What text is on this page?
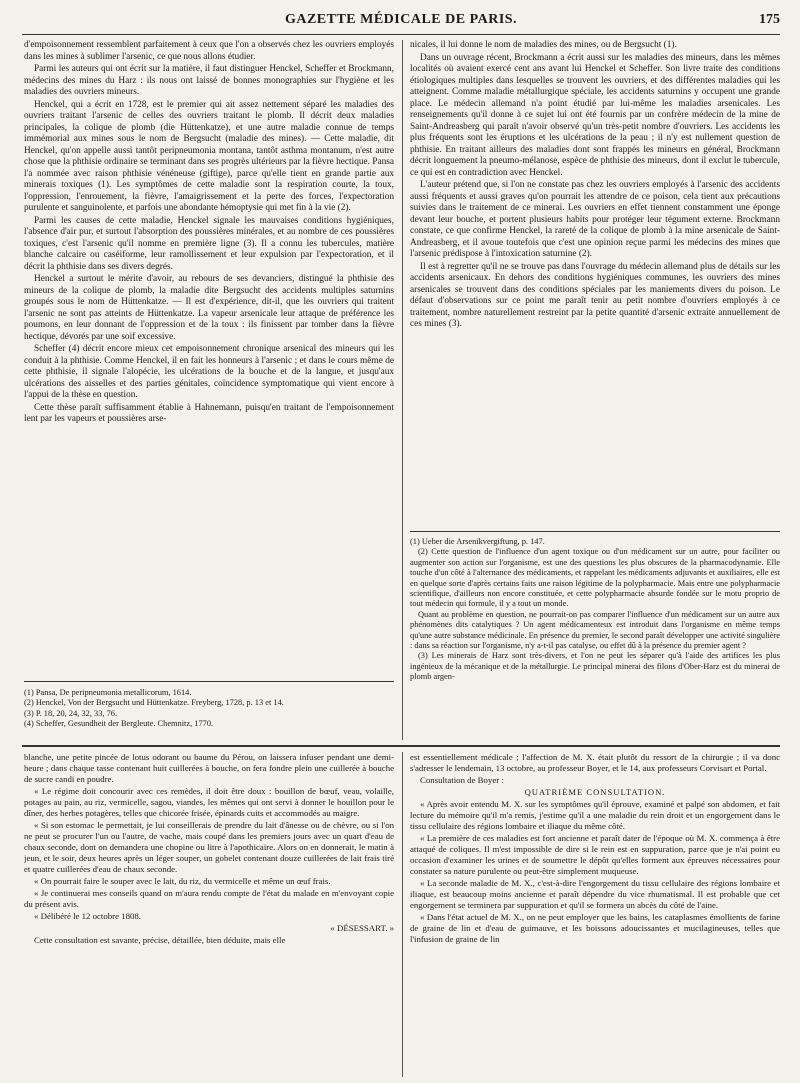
GAZETTE MÉDICALE DE PARIS.	175

d'empoisonnement ressemblent parfaitement à ceux que l'on a observés chez les ouvriers employés dans les mines à sublimer l'arsenic, ce que nous allons étudier.

Parmi les auteurs qui ont écrit sur la matière, il faut distinguer Henckel, Scheffer et Brockmann, médecins des mines du Harz : ils nous ont laissé de bonnes monographies sur l'hygiène et les maladies des ouvriers mineurs.

Henckel, qui a écrit en 1728, est le premier qui ait assez nettement séparé les maladies des ouvriers traitant l'arsenic de celles des ouvriers traitant le plomb. Il décrit deux maladies principales, la colique de plomb (die Hüttenkatze), et une autre maladie connue de temps immémorial aux mines sous le nom de Bergsucht (maladie des mines). — Cette maladie, dit Henckel, qu'on appelle aussi tantôt peripneumonia montana, tantôt asthma montanum, n'est autre chose que la phthisie ordinaire se terminant dans ses progrès ultérieurs par la fièvre hectique. Pansa l'a nommée avec raison phthisie vénéneuse (giftige), parce qu'elle tient en grande partie aux minerais toxiques (1). Les symptômes de cette maladie sont la respiration courte, la toux, l'oppression, l'enrouement, la fièvre, l'amaigrissement et la perte des forces, l'expectoration purulente et sanguinolente, et parfois une abondante hémoptysie qui met fin à la vie (2).

Parmi les causes de cette maladie, Henckel signale les mauvaises conditions hygiéniques, l'absence d'air pur, et surtout l'absorption des poussières minérales, et au nombre de ces poussières toxiques, c'est l'arsenic qu'il nomme en première ligne (3). Il a connu les tubercules, matière blanche calcaire ou caséiforme, leur ramollissement et leur expulsion par l'expectoration, et il décrit la phthisie dans ses divers degrés.

Henckel a surtout le mérite d'avoir, au rebours de ses devanciers, distingué la phthisie des mineurs de la colique de plomb, la maladie dite Bergsucht des accidents multiples saturnins groupés sous le nom de Hüttenkatze. — Il est d'expérience, dit-il, que les ouvriers qui traitent l'arsenic ne sont pas atteints de Hüttenkatze. La vapeur arsenicale leur attaque de préférence les poumons, en leur donnant de l'oppression et de la toux : ils finissent par tomber dans la fièvre hectique, dévorés par une soif excessive.

Scheffer (4) décrit encore mieux cet empoisonnement chronique arsenical des mineurs qui les conduit à la phthisie. Comme Henckel, il en fait les honneurs à l'arsenic ; et dans le cours même de cette phthisie, il signale l'alopécie, les ulcérations de la bouche et de la langue, et jusqu'aux ulcérations des aisselles et des parties génitales, coïncidence symptomatique qui vient encore à l'appui de la thèse en question.

Cette thèse paraît suffisamment établie à Hahnemann, puisqu'en traitant de l'empoisonnement lent par les vapeurs et poussières arse-

(1) Pansa, De peripneumonia metallicorum, 1614.

(2) Henckel, Von der Bergsucht und Hüttenkatze. Freyberg, 1728, p. 13 et 14.

(3) P. 18, 20, 24, 32, 33, 76.

(4) Scheffer, Gesundheit der Bergleute. Chemnitz, 1770.

nicales, il lui donne le nom de maladies des mines, ou de Bergsucht (1).

Dans un ouvrage récent, Brockmann a écrit aussi sur les maladies des mineurs, dans les mêmes localités où avaient exercé cent ans avant lui Henckel et Scheffer. Son livre traite des conditions étiologiques multiples dans lesquelles se trouvent les ouvriers, et des différentes maladies qui les atteignent. Comme maladie métallurgique spéciale, les accidents saturnins y occupent une grande place. Le médecin allemand n'a point étudié par lui-même les maladies arsenicales. Les renseignements qu'il donne à ce sujet lui ont été fournis par un confrère médecin de la mine de Saint-Andreasberg qui paraît n'avoir observé qu'un très-petit nombre d'ouvriers. Les accidents les plus fréquents sont les éruptions et les ulcérations de la peau ; il n'y est nullement question de phthisie. En traitant ailleurs des maladies dont sont frappés les mineurs en général, Brockmann décrit longuement la pneumo-mélanose, espèce de phthisie des mineurs, dont il exclut le tubercule, ce qui est en contradiction avec Henckel.

L'auteur prétend que, si l'on ne constate pas chez les ouvriers employés à l'arsenic des accidents aussi fréquents et aussi graves qu'on pourrait les attendre de ce poison, cela tient aux précautions suivies dans le traitement de ce minerai. Les ouvriers en effet tiennent constamment une éponge devant leur bouche, et portent plusieurs habits pour protéger leur tégument externe. Brockmann constate, ce que confirme Henckel, la rareté de la colique de plomb à la mine arsenicale de Saint-Andreasberg, et il avoue toutefois que c'est une opinion reçue parmi les médecins des mines que l'arsenic prédispose à l'intoxication saturnine (2).

Il est à regretter qu'il ne se trouve pas dans l'ouvrage du médecin allemand plus de détails sur les accidents arsenicaux. En dehors des conditions hygiéniques communes, les ouvriers des mines arsenicales se trouvent dans des conditions spéciales par les maniements divers du poison. Le défaut d'observations sur ce point me paraît tenir au petit nombre d'ouvriers employés à ce traitement, nombre naturellement restreint par la petite quantité d'arsenic extraite annuellement de ces mines (3).

(1) Ueber die Arsenikvergiftung, p. 147.

(2) Cette question de l'influence d'un agent toxique ou d'un médicament sur un autre, pour faciliter ou augmenter son action sur l'organisme, est une des questions les plus obscures de la pharmacodynamie. Elle touche d'un côté à l'alternance des médicaments, et rappelant les médicaments adjuvants et auxiliaires, elle est en quelque sorte d'après certains faits une raison légitime de la polypharmacie. Mais entre une polypharmacie scientifique, d'ailleurs non encore constituée, et cette polypharmacie absurde fondée sur le motu proprio de tout médecin qui formule, il y a tout un monde.

Quant au problème en question, ne pourrait-on pas comparer l'influence d'un médicament sur un autre aux phénomènes dits catalytiques ? Un agent médicamenteux est introduit dans l'organisme en même temps qu'une autre substance médicinale. En présence du premier, le second paraît développer une activité singulière : dans sa réaction sur l'organisme, n'y a-t-il pas catalyse, ou effet dû à la présence du premier agent ?

(3) Les minerais de Harz sont très-divers, et l'on ne peut les séparer qu'à l'aide des artifices les plus ingénieux de la mécanique et de la métallurgie. Le principal minerai des filons d'Ober-Harz est du minerai de plomb argen-

blanche, une petite pincée de lotus odorant ou baume du Pérou, on laissera infuser pendant une demi-heure ; dans chaque tasse contenant huit cuillerées à bouche, on fera fondre plein une cuillerée à bouche de sucre candi en poudre.

« Le régime doit concourir avec ces remèdes, il doit être doux : bouillon de bœuf, veau, volaille, potages au pain, au riz, vermicelle, sagou, viandes, les mêmes qui ont servi à donner le bouillon pour le dîner, des herbes potagères, telles que chicorée frisée, épinards cuits et accommodés au maigre.

« Si son estomac le permettait, je lui conseillerais de prendre du lait d'ânesse ou de chèvre, ou si l'on ne peut se procurer l'un ou l'autre, de vache, mais coupé dans les premiers jours avec un quart d'eau de chaux seconde, dont on demandera une chopine ou litre à l'apothicaire. Alors on en donnerait, le matin à jeun, et le soir, deux heures après un léger souper, un gobelet contenant douze cuillerées de lait frais tiré et quatre cuillerées d'eau de chaux seconde.

« On pourrait faire le souper avec le lait, du riz, du vermicelle et même un œuf frais.

« Je continuerai mes conseils quand on m'aura rendu compte de l'état du malade en m'envoyant copie du présent avis.

« Délibéré le 12 octobre 1808.

« DÉSESSART. »

Cette consultation est savante, précise, détaillée, bien déduite, mais elle

est essentiellement médicale ; l'affection de M. X. était plutôt du ressort de la chirurgie ; il va donc s'adresser le lendemain, 13 octobre, au professeur Boyer, et le 14, aux professeurs Corvisart et Portal.

Consultation de Boyer :

QUATRIÈME CONSULTATION.

« Après avoir entendu M. X. sur les symptômes qu'il éprouve, examiné et palpé son abdomen, et fait lecture du mémoire qu'il m'a remis, j'estime qu'il a une maladie du rein droit et un engorgement dans le tissu cellulaire des régions lombaire et iliaque du même côté.

« La première de ces maladies est fort ancienne et paraît dater de l'époque où M. X. commença à être attaqué de coliques. Il m'est impossible de dire si le rein est en suppuration, parce que je n'ai point eu occasion d'examiner les urines et de soumettre le dépôt qu'elles forment aux épreuves nécessaires pour constater sa nature purulente ou peut-être simplement muqueuse.

« La seconde maladie de M. X., c'est-à-dire l'engorgement du tissu cellulaire des régions lombaire et iliaque, est beaucoup moins ancienne et paraît dépendre du vice rhumatismal. Il est probable que cet engorgement se terminera par suppuration et qu'il se formera un abcès du côté de l'aine.

« Dans l'état actuel de M. X., on ne peut employer que les bains, les cataplasmes émollients de farine de graine de lin et d'eau de guimauve, et les boissons adoucissantes et mucilagineuses, telles que l'infusion de graine de lin
